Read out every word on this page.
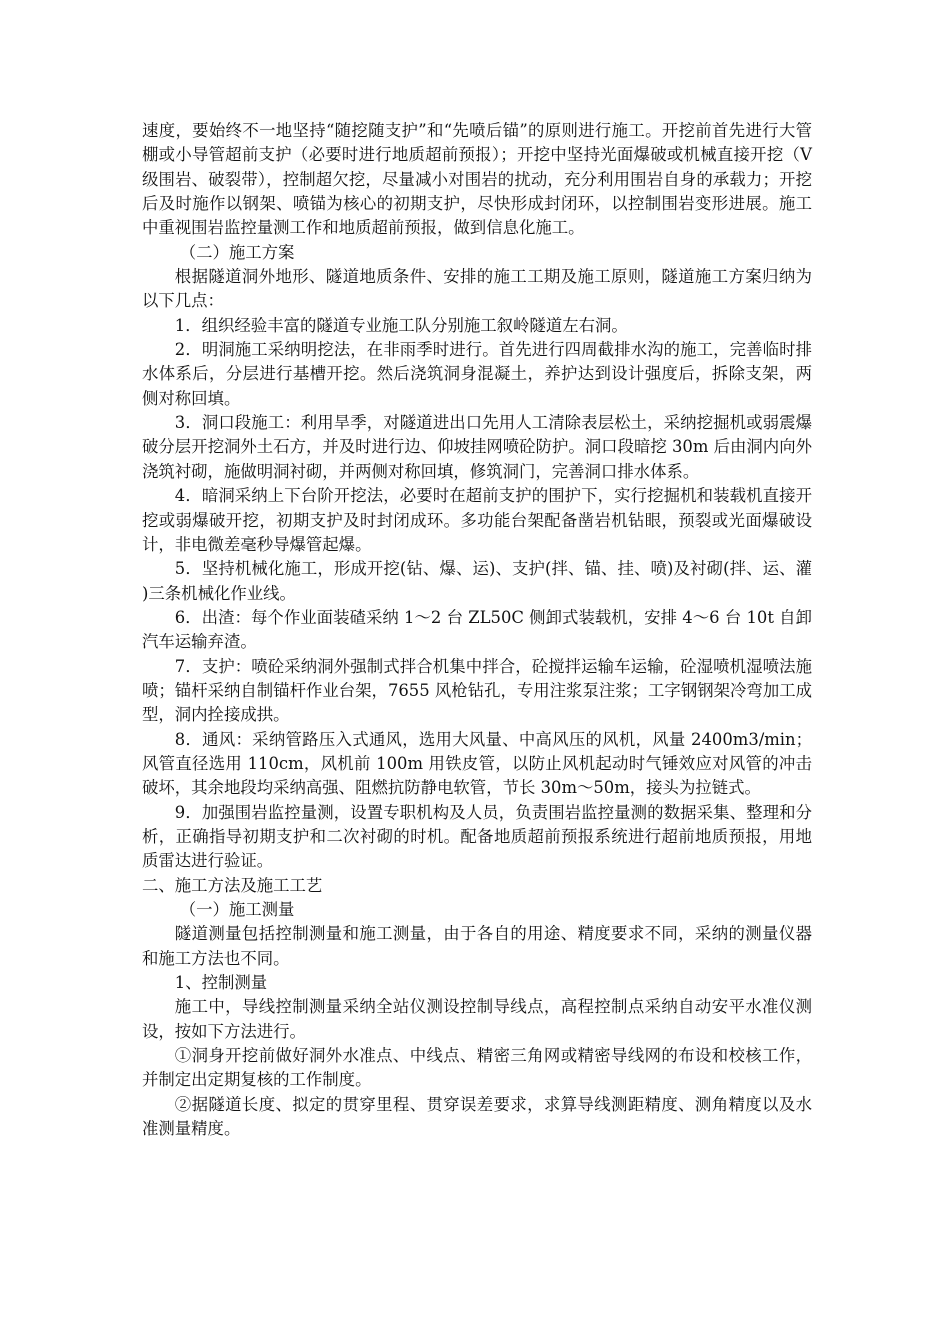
速度，要始终不一地坚持“随挖随支护”和“先喷后锚”的原则进行施工。开挖前首先进行大管棚或小导管超前支护（必要时进行地质超前预报）；开挖中坚持光面爆破或机械直接开挖（Ⅴ级围岩、破裂带），控制超欠挖，尽量减小对围岩的扰动，充分利用围岩自身的承载力；开挖后及时施作以钢架、喷锚为核心的初期支护，尽快形成封闭环，以控制围岩变形进展。施工中重视围岩监控量测工作和地质超前预报，做到信息化施工。

（二）施工方案

根据隧道洞外地形、隧道地质条件、安排的施工工期及施工原则，隧道施工方案归纳为以下几点：

1．组织经验丰富的隧道专业施工队分别施工叙岭隧道左右洞。

2．明洞施工采纳明挖法，在非雨季时进行。首先进行四周截排水沟的施工，完善临时排水体系后，分层进行基槽开挖。然后浇筑洞身混凝土，养护达到设计强度后，拆除支架，两侧对称回填。

3．洞口段施工：利用旱季，对隧道进出口先用人工清除表层松土，采纳挖掘机或弱震爆破分层开挖洞外土石方，并及时进行边、仰坡挂网喷砼防护。洞口段暗挖 30m 后由洞内向外浇筑衬砌，施做明洞衬砌，并两侧对称回填，修筑洞门，完善洞口排水体系。

4．暗洞采纳上下台阶开挖法，必要时在超前支护的围护下，实行挖掘机和装载机直接开挖或弱爆破开挖，初期支护及时封闭成环。多功能台架配备凿岩机钻眼，预裂或光面爆破设计，非电微差毫秒导爆管起爆。

5．坚持机械化施工，形成开挖(钻、爆、运)、支护(拌、锚、挂、喷)及衬砌(拌、运、灌)三条机械化作业线。

6．出渣：每个作业面装碴采纳 1～2 台 ZL50C 侧卸式装载机，安排 4～6 台 10t 自卸汽车运输弃渣。

7．支护：喷砼采纳洞外强制式拌合机集中拌合，砼搅拌运输车运输，砼湿喷机湿喷法施喷；锚杆采纳自制锚杆作业台架，7655 风枪钻孔，专用注浆泵注浆；工字钢钢架冷弯加工成型，洞内拴接成拱。

8．通风：采纳管路压入式通风，选用大风量、中高风压的风机，风量 2400m3/min；风管直径选用 110cm，风机前 100m 用铁皮管，以防止风机起动时气锤效应对风管的冲击破坏，其余地段均采纳高强、阻燃抗防静电软管，节长 30m～50m，接头为拉链式。

9．加强围岩监控量测，设置专职机构及人员，负责围岩监控量测的数据采集、整理和分析，正确指导初期支护和二次衬砌的时机。配备地质超前预报系统进行超前地质预报，用地质雷达进行验证。

二、施工方法及施工工艺

（一）施工测量

隧道测量包括控制测量和施工测量，由于各自的用途、精度要求不同，采纳的测量仪器和施工方法也不同。

1、控制测量

施工中，导线控制测量采纳全站仪测设控制导线点，高程控制点采纳自动安平水准仪测设，按如下方法进行。

①洞身开挖前做好洞外水准点、中线点、精密三角网或精密导线网的布设和校核工作，并制定出定期复核的工作制度。

②据隧道长度、拟定的贯穿里程、贯穿误差要求，求算导线测距精度、测角精度以及水准测量精度。
